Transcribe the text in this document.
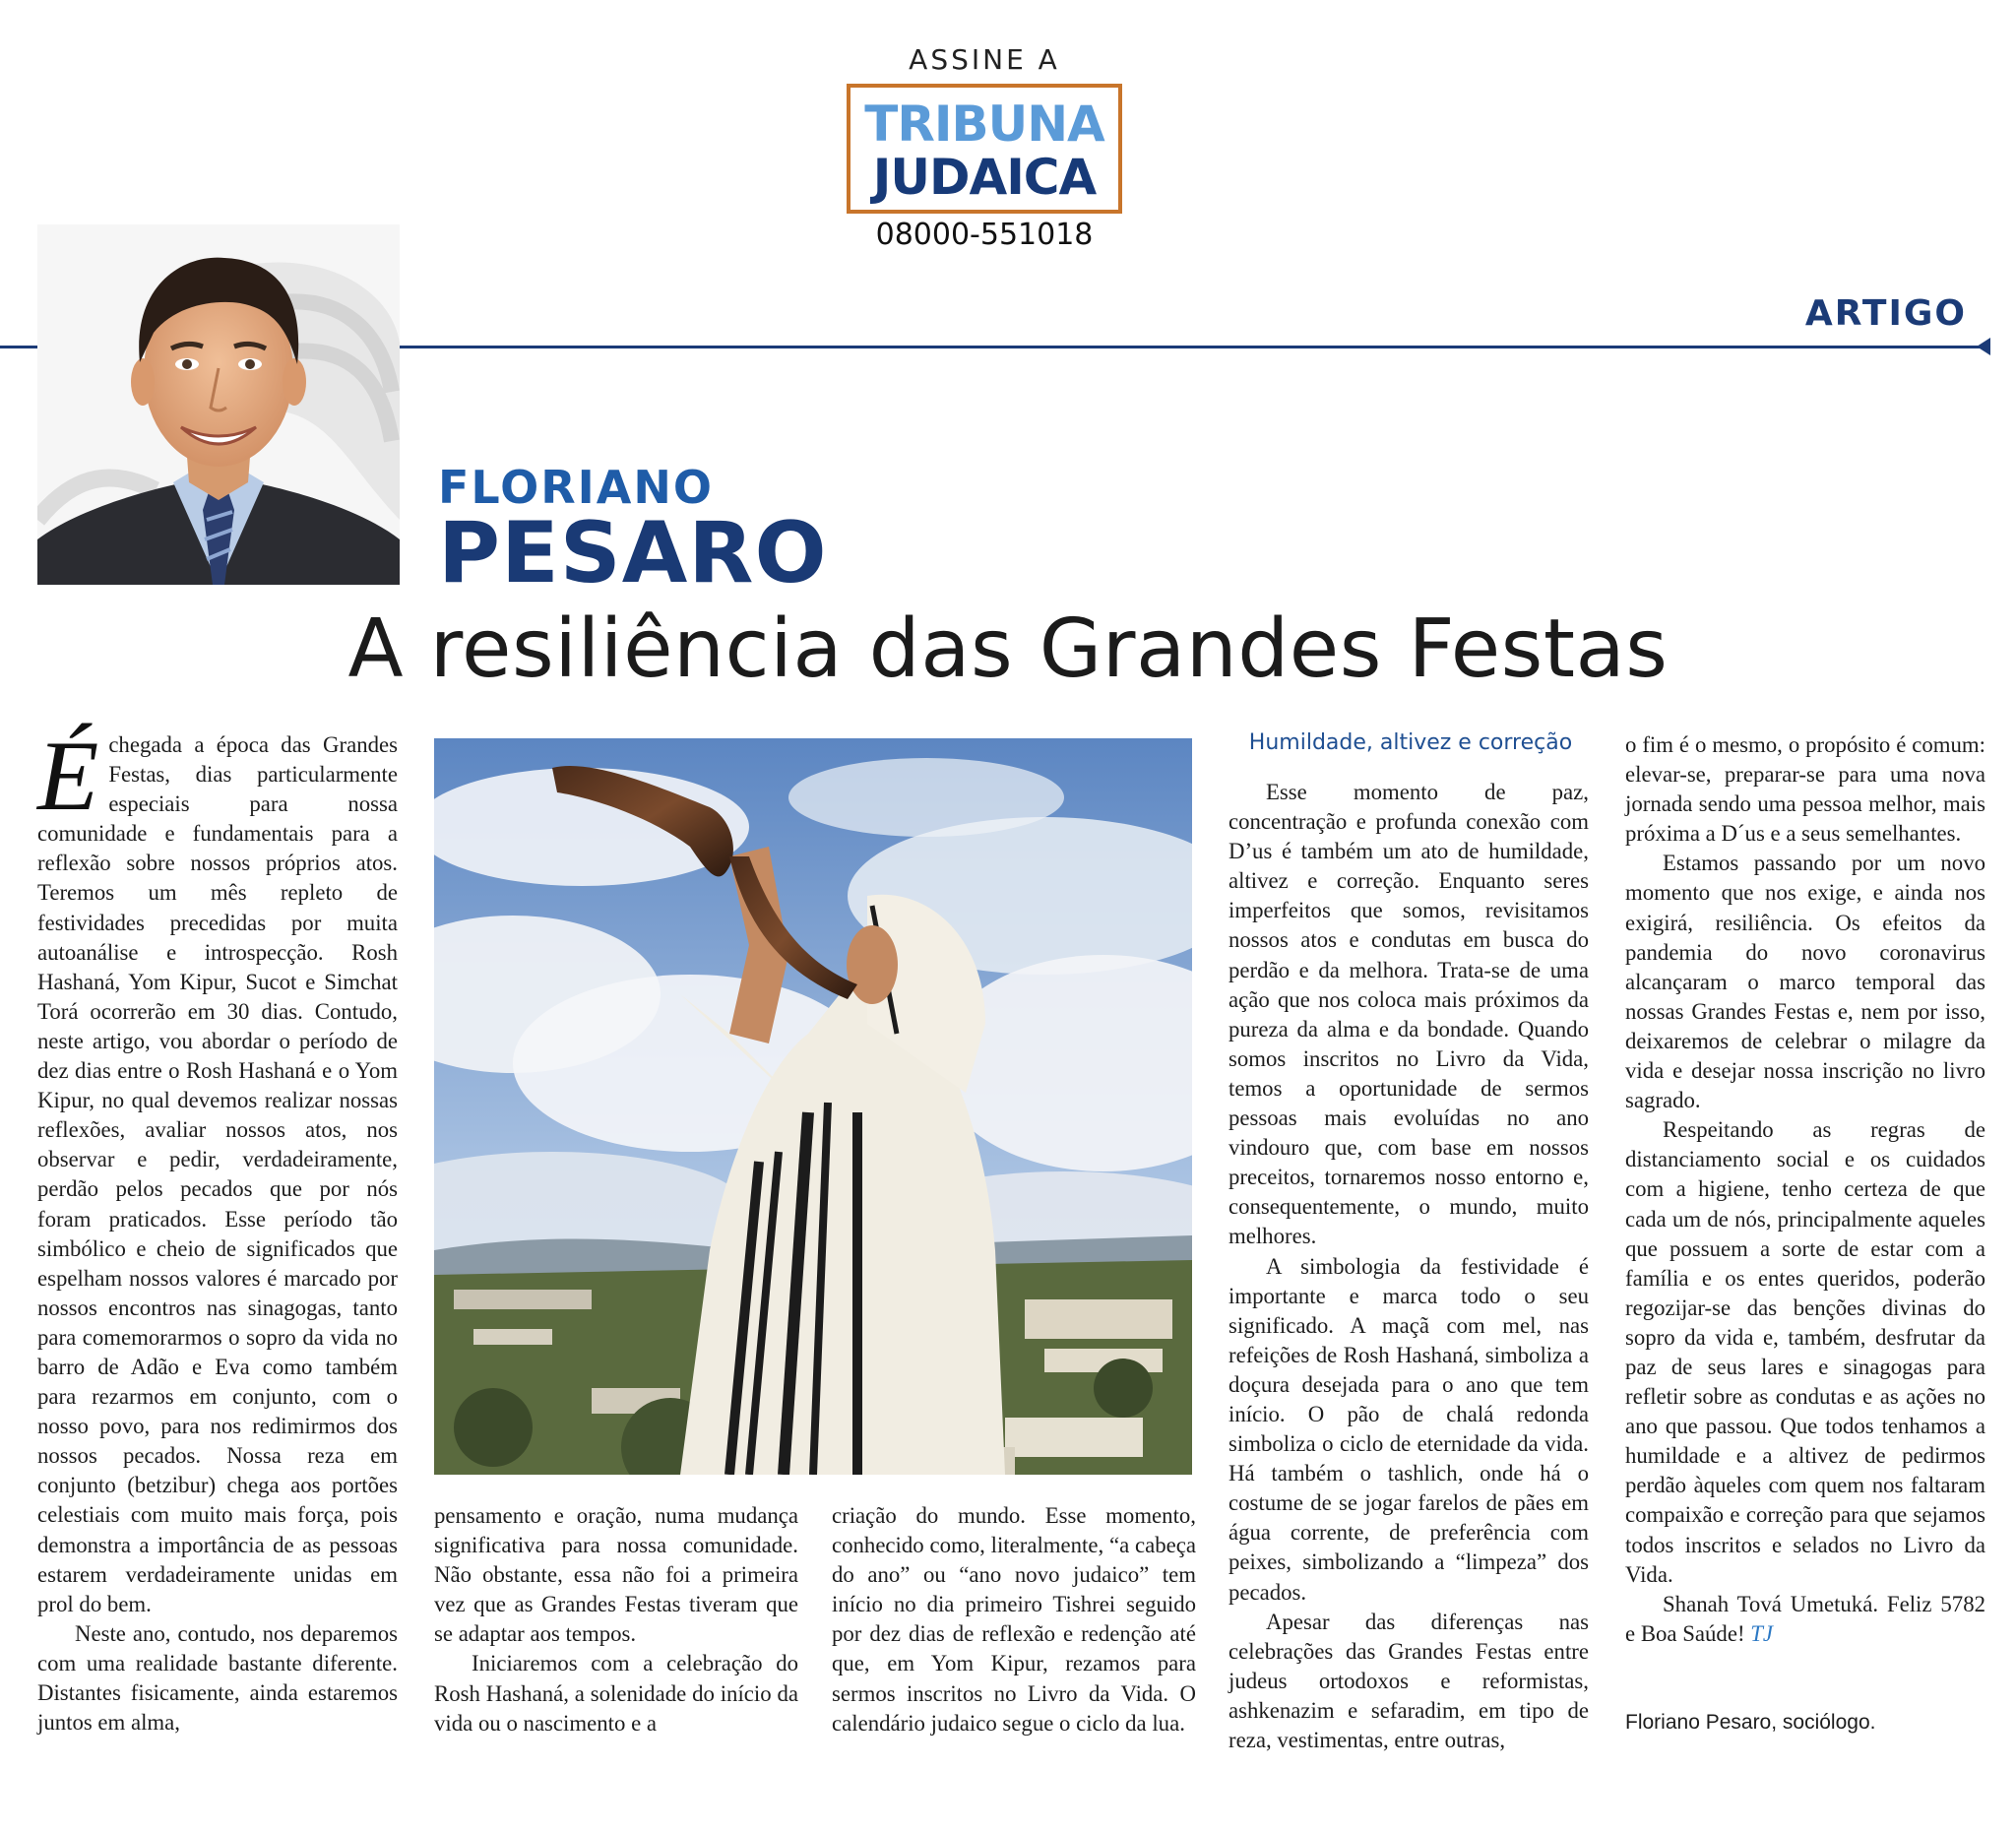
ASSINE A
TRIBUNA
JUDAICA
08000-551018
ARTIGO
FLORIANO
PESARO
A resiliência das Grandes Festas

Échegada a época das Grandes Festas, dias particularmente especiais para nossa comunidade e fundamentais para a reflexão sobre nossos próprios atos. Teremos um mês repleto de festividades precedidas por muita autoanálise e introspecção. Rosh Hashaná, Yom Kipur, Sucot e Simchat Torá ocorrerão em 30 dias. Contudo, neste artigo, vou abordar o período de dez dias entre o Rosh Hashaná e o Yom Kipur, no qual devemos realizar nossas reflexões, avaliar nossos atos, nos observar e pedir, verdadeiramente, perdão pelos pecados que por nós foram praticados. Esse período tão simbólico e cheio de significados que espelham nossos valores é marcado por nossos encontros nas sinagogas, tanto para comemorarmos o sopro da vida no barro de Adão e Eva como também para rezarmos em conjunto, com o nosso povo, para nos redimirmos dos nossos pecados. Nossa reza em conjunto (betzibur) chega aos portões celestiais com muito mais força, pois demonstra a importância de as pessoas estarem verdadeiramente unidas em prol do bem.

Neste ano, contudo, nos deparemos com uma realidade bastante diferente. Distantes fisicamente, ainda estaremos juntos em alma,

pensamento e oração, numa mudança significativa para nossa comunidade. Não obstante, essa não foi a primeira vez que as Grandes Festas tiveram que se adaptar aos tempos.

Iniciaremos com a celebração do Rosh Hashaná, a solenidade do início da vida ou o nascimento e a

criação do mundo. Esse momento, conhecido como, literalmente, “a cabeça do ano” ou “ano novo judaico” tem início no dia primeiro Tishrei seguido por dez dias de reflexão e redenção até que, em Yom Kipur, rezamos para sermos inscritos no Livro da Vida. O calendário judaico segue o ciclo da lua.

Humildade, altivez e correção

Esse momento de paz, concentração e profunda conexão com D’us é também um ato de humildade, altivez e correção. Enquanto seres imperfeitos que somos, revisitamos nossos atos e condutas em busca do perdão e da melhora. Trata-se de uma ação que nos coloca mais próximos da pureza da alma e da bondade. Quando somos inscritos no Livro da Vida, temos a oportunidade de sermos pessoas mais evoluídas no ano vindouro que, com base em nossos preceitos, tornaremos nosso entorno e, consequentemente, o mundo, muito melhores.

A simbologia da festividade é importante e marca todo o seu significado. A maçã com mel, nas refeições de Rosh Hashaná, simboliza a doçura desejada para o ano que tem início. O pão de chalá redonda simboliza o ciclo de eternidade da vida. Há também o tashlich, onde há o costume de se jogar farelos de pães em água corrente, de preferência com peixes, simbolizando a “limpeza” dos pecados.

Apesar das diferenças nas celebrações das Grandes Festas entre judeus ortodoxos e reformistas, ashkenazim e sefaradim, em tipo de reza, vestimentas, entre outras,

o fim é o mesmo, o propósito é comum: elevar-se, preparar-se para uma nova jornada sendo uma pessoa melhor, mais próxima a D´us e a seus semelhantes.

Estamos passando por um novo momento que nos exige, e ainda nos exigirá, resiliência. Os efeitos da pandemia do novo coronavirus alcançaram o marco temporal das nossas Grandes Festas e, nem por isso, deixaremos de celebrar o milagre da vida e desejar nossa inscrição no livro sagrado.

Respeitando as regras de distanciamento social e os cuidados com a higiene, tenho certeza de que cada um de nós, principalmente aqueles que possuem a sorte de estar com a família e os entes queridos, poderão regozijar-se das benções divinas do sopro da vida e, também, desfrutar da paz de seus lares e sinagogas para refletir sobre as condutas e as ações no ano que passou. Que todos tenhamos a humildade e a altivez de pedirmos perdão àqueles com quem nos faltaram compaixão e correção para que sejamos todos inscritos e selados no Livro da Vida.

Shanah Tová Umetuká. Feliz 5782 e Boa Saúde! TJ

Floriano Pesaro, sociólogo.
